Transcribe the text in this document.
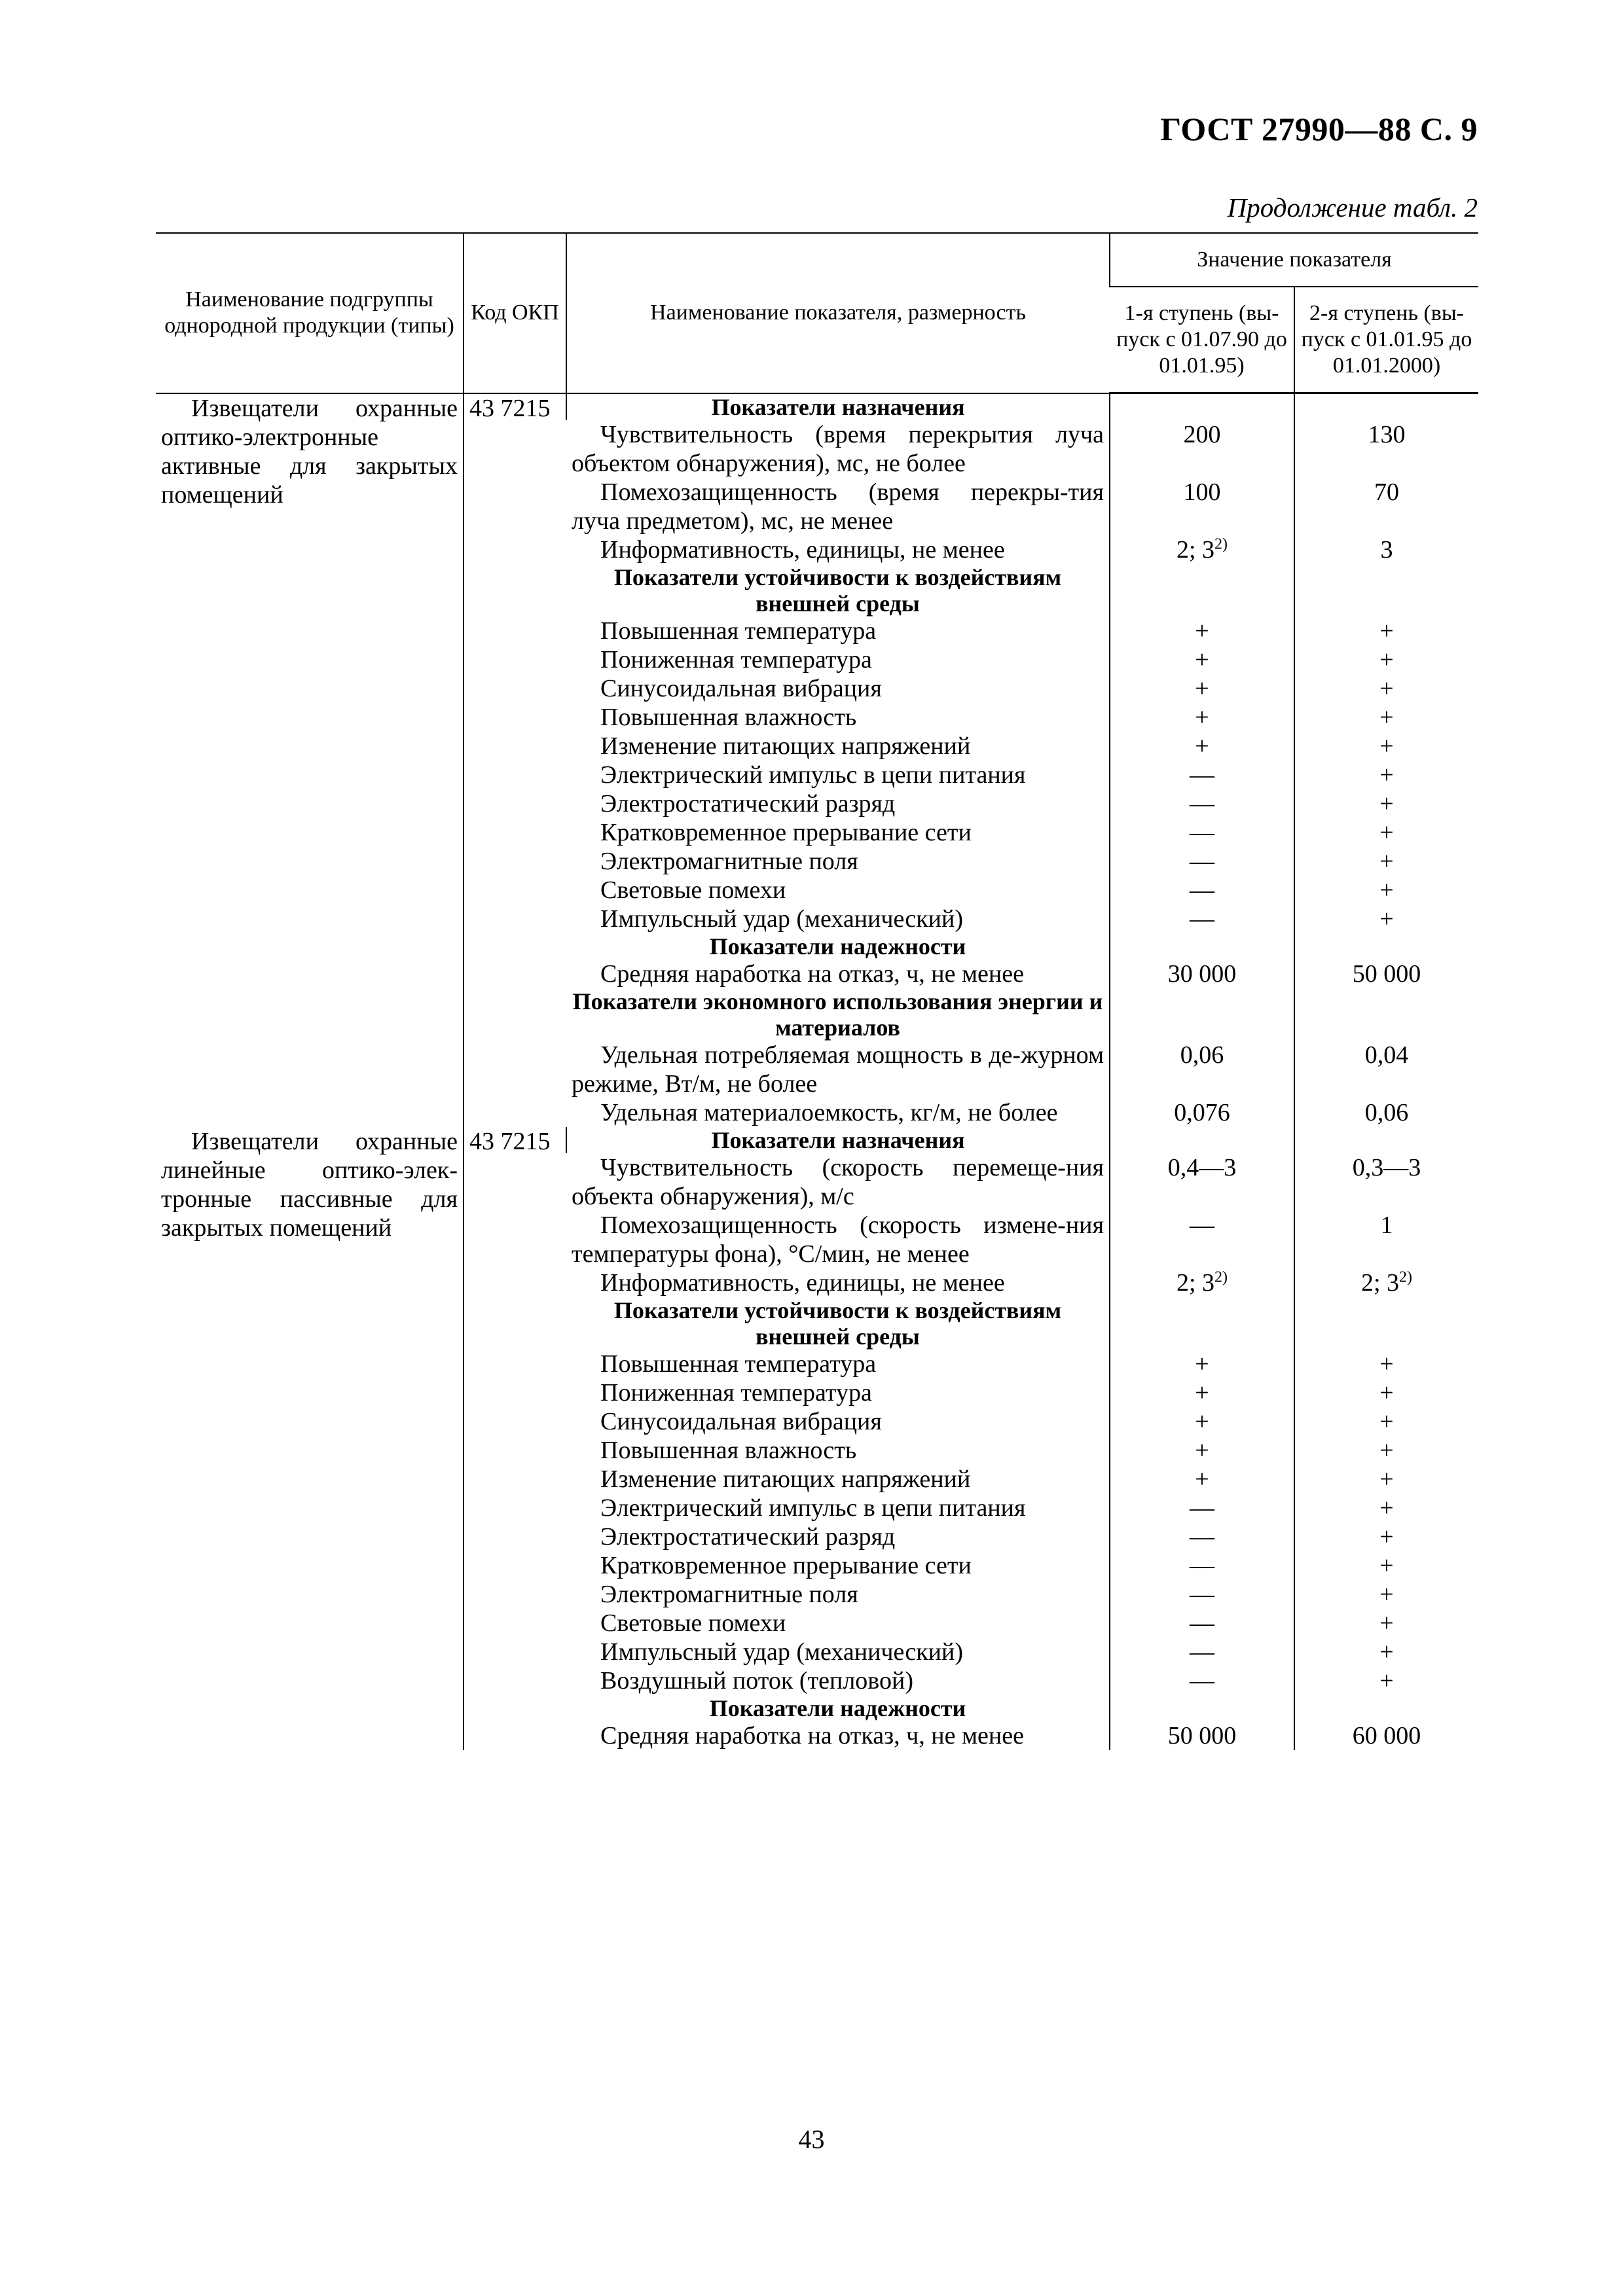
ГОСТ 27990—88 С. 9
Продолжение табл. 2
Наименование подгруппы однородной продукции (типы)	Код ОКП	Наименование показателя, размерность	Значение показателя	
			1-я ступень (вы-пуск с 01.07.90 до 01.01.95)	2-я ступень (вы-пуск с 01.01.95 до 01.01.2000)
Извещатели охранные оптико-электронные активные для закрытых помещений	43 7215	Показатели назначения		
		Чувствительность (время перекрытия луча объектом обнаружения), мс, не более	200	130
		Помехозащищенность (время перекры-тия луча предметом), мс, не менее	100	70
		Информативность, единицы, не менее	2; 3$^{2)}$	3
		Показатели устойчивости к воздействиям внешней среды		
		Повышенная температура	+	+
		Пониженная температура	+	+
		Синусоидальная вибрация	+	+
		Повышенная влажность	+	+
		Изменение питающих напряжений	+	+
		Электрический импульс в цепи питания	—	+
		Электростатический разряд	—	+
		Кратковременное прерывание сети	—	+
		Электромагнитные поля	—	+
		Световые помехи	—	+
		Импульсный удар (механический)	—	+
		Показатели надежности		
		Средняя наработка на отказ, ч, не менее	30 000	50 000
		Показатели экономного использования энергии и материалов		
		Удельная потребляемая мощность в де-журном режиме, Вт/м, не более	0,06	0,04
		Удельная материалоемкость, кг/м, не более	0,076	0,06
Извещатели охранные линейные оптико-элек-тронные пассивные для закрытых помещений	43 7215	Показатели назначения		
		Чувствительность (скорость перемеще-ния объекта обнаружения), м/с	0,4—3	0,3—3
		Помехозащищенность (скорость измене-ния температуры фона), °С/мин, не менее	—	1
		Информативность, единицы, не менее	2; 3$^{2)}$	2; 3$^{2)}$
		Показатели устойчивости к воздействиям внешней среды		
		Повышенная температура	+	+
		Пониженная температура	+	+
		Синусоидальная вибрация	+	+
		Повышенная влажность	+	+
		Изменение питающих напряжений	+	+
		Электрический импульс в цепи питания	—	+
		Электростатический разряд	—	+
		Кратковременное прерывание сети	—	+
		Электромагнитные поля	—	+
		Световые помехи	—	+
		Импульсный удар (механический)	—	+
		Воздушный поток (тепловой)	—	+
		Показатели надежности		
		Средняя наработка на отказ, ч, не менее	50 000	60 000
43
